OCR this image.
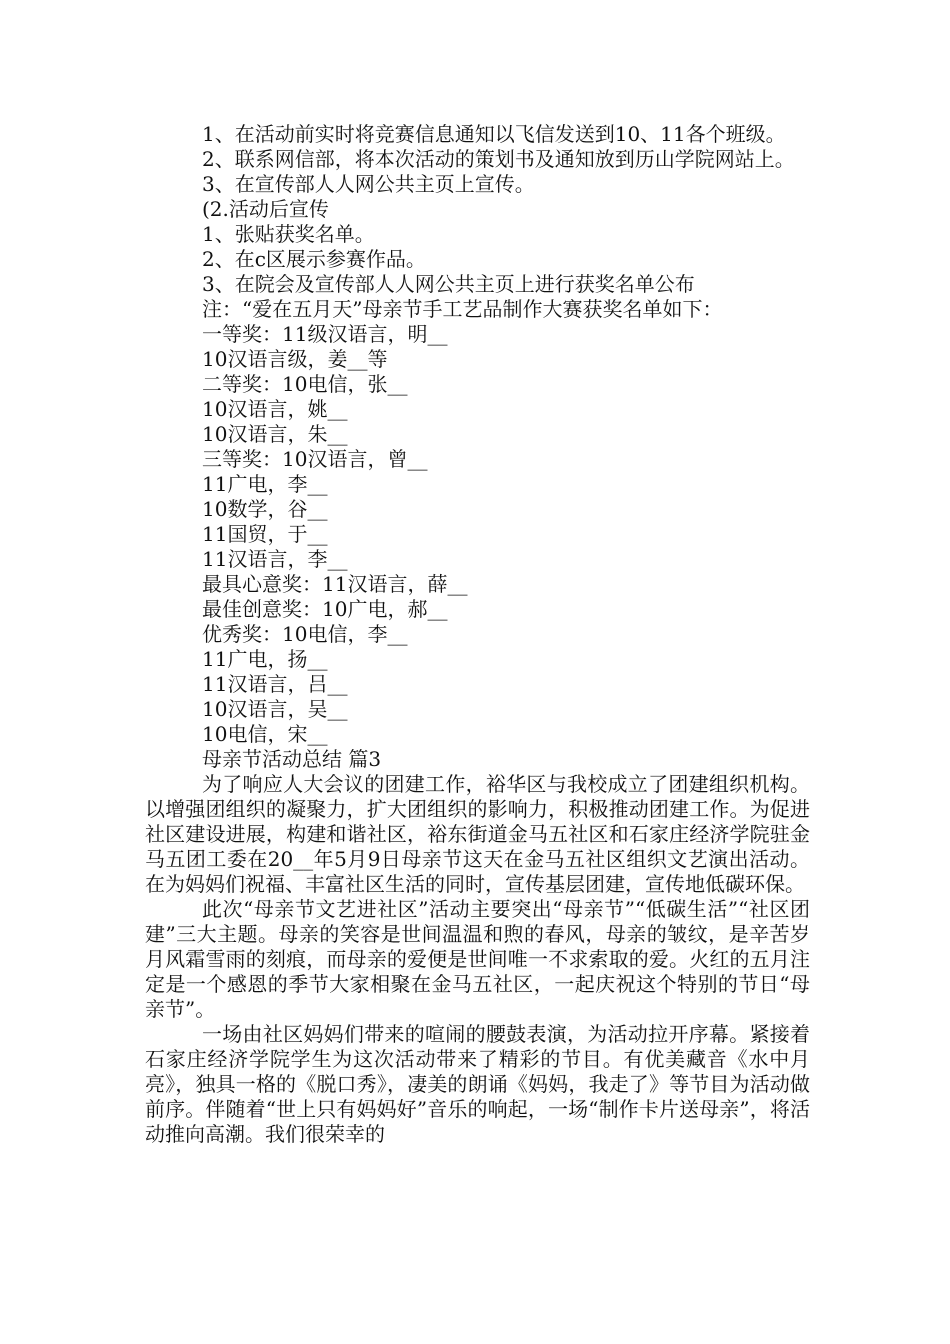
1、在活动前实时将竞赛信息通知以飞信发送到10、11各个班级。

2、联系网信部，将本次活动的策划书及通知放到历山学院网站上。

3、在宣传部人人网公共主页上宣传。

(2.活动后宣传

1、张贴获奖名单。

2、在c区展示参赛作品。

3、在院会及宣传部人人网公共主页上进行获奖名单公布

注：“爱在五月天”母亲节手工艺品制作大赛获奖名单如下：

一等奖：11级汉语言，明__

10汉语言级，姜__等

二等奖：10电信，张__

10汉语言，姚__

10汉语言，朱__

三等奖：10汉语言，曾__

11广电，李__

10数学，谷__

11国贸，于__

11汉语言，李__

最具心意奖：11汉语言，薛__

最佳创意奖：10广电，郝__

优秀奖：10电信，李__

11广电，扬__

11汉语言，吕__

10汉语言，吴__

10电信，宋__

母亲节活动总结 篇3

为了响应人大会议的团建工作，裕华区与我校成立了团建组织机构。以增强团组织的凝聚力，扩大团组织的影响力，积极推动团建工作。为促进社区建设进展，构建和谐社区，裕东街道金马五社区和石家庄经济学院驻金马五团工委在20__年5月9日母亲节这天在金马五社区组织文艺演出活动。在为妈妈们祝福、丰富社区生活的同时，宣传基层团建，宣传地低碳环保。

此次“母亲节文艺进社区”活动主要突出“母亲节”“低碳生活”“社区团建”三大主题。母亲的笑容是世间温温和煦的春风，母亲的皱纹，是辛苦岁月风霜雪雨的刻痕，而母亲的爱便是世间唯一不求索取的爱。火红的五月注定是一个感恩的季节大家相聚在金马五社区，一起庆祝这个特别的节日“母亲节”。

一场由社区妈妈们带来的喧闹的腰鼓表演，为活动拉开序幕。紧接着石家庄经济学院学生为这次活动带来了精彩的节目。有优美藏音《水中月亮》，独具一格的《脱口秀》，凄美的朗诵《妈妈，我走了》等节目为活动做前序。伴随着“世上只有妈妈好”音乐的响起，一场“制作卡片送母亲”，将活动推向高潮。我们很荣幸的
